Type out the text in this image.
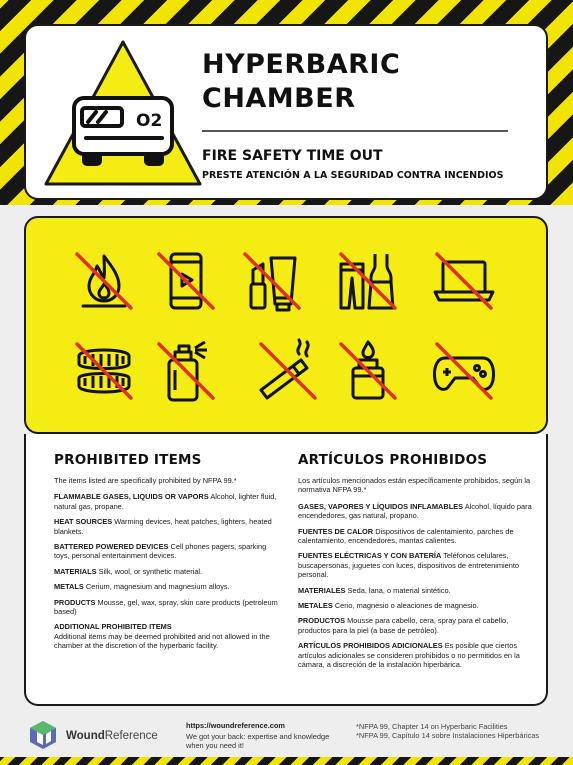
O2
HYPERBARIC
CHAMBER
FIRE SAFETY TIME OUT
PRESTE ATENCIÓN A LA SEGURIDAD CONTRA INCENDIOS
PROHIBITED ITEMS
The items listed are specifically prohibited by NFPA 99.*
FLAMMABLE GASES, LIQUIDS OR VAPORS Alcohol, lighter fluid, natural gas, propane.
HEAT SOURCES Warming devices, heat patches, lighters, heated blankets.
BATTERED POWERED DEVICES Cell phones pagers, sparking toys, personal entertainment devices.
MATERIALS Silk, wool, or synthetic material.
METALS Cerium, magnesium and magnesium alloys.
PRODUCTS Mousse, gel, wax, spray, skin care products (petroleum based)
ADDITIONAL PROHIBITED ITEMS
Additional items may be deemed prohibited and not allowed in the chamber at the discretion of the hyperbaric facility.
ARTÍCULOS PROHIBIDOS
Los artículos mencionados están específicamente prohibidos, según la normativa NFPA 99.*
GASES, VAPORES Y LÍQUIDOS INFLAMABLES Alcohol, líquido para encendedores, gas natural, propano.
FUENTES DE CALOR Dispositivos de calentamiento, parches de calentamiento, encendedores, mantas calientes.
FUENTES ELÉCTRICAS Y CON BATERÍA Teléfonos celulares, buscapersonas, juguetes con luces, dispositivos de entretenimiento personal.
MATERIALES Seda, lana, o material sintético.
METALES Cerio, magnesio o aleaciones de magnesio.
PRODUCTOS Mousse para cabello, cera, spray para el cabello, productos para la piel (a base de petróleo).
ARTÍCULOS PROHIBIDOS ADICIONALES Es posible que ciertos artículos adicionales se consideren prohibidos o no permitidos en la cámara, a discreción de la instalación hiperbárica.
WoundReference
https://woundreference.com
We got your back: expertise and knowledge when you need it!
*NFPA 99, Chapter 14 on Hyperbaric Facilities
*NFPA 99, Capítulo 14 sobre Instalaciones Hiperbáricas
